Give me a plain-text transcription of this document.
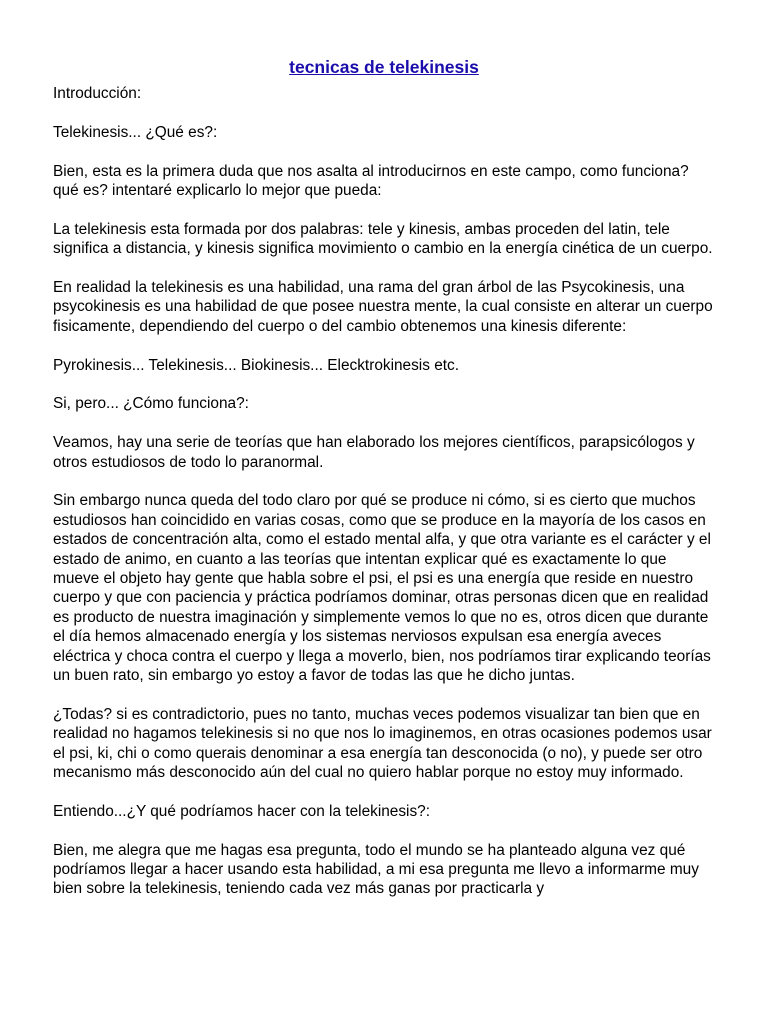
tecnicas de telekinesis

Introducción:

Telekinesis... ¿Qué es?:

Bien, esta es la primera duda que nos asalta al introducirnos en este campo, como funciona? qué es? intentaré explicarlo lo mejor que pueda:

La telekinesis esta formada por dos palabras: tele y kinesis, ambas proceden del latin, tele significa a distancia, y kinesis significa movimiento o cambio en la energía cinética de un cuerpo.

En realidad la telekinesis es una habilidad, una rama del gran árbol de las Psycokinesis, una psycokinesis es una habilidad de que posee nuestra mente, la cual consiste en alterar un cuerpo fisicamente, dependiendo del cuerpo o del cambio obtenemos una kinesis diferente:

Pyrokinesis... Telekinesis... Biokinesis... Elecktrokinesis etc.

Si, pero... ¿Cómo funciona?:

Veamos, hay una serie de teorías que han elaborado los mejores científicos, parapsicólogos y otros estudiosos de todo lo paranormal.

Sin embargo nunca queda del todo claro por qué se produce ni cómo, si es cierto que muchos estudiosos han coincidido en varias cosas, como que se produce en la mayoría de los casos en estados de concentración alta, como el estado mental alfa, y que otra variante es el carácter y el estado de animo, en cuanto a las teorías que intentan explicar qué es exactamente lo que mueve el objeto hay gente que habla sobre el psi, el psi es una energía que reside en nuestro cuerpo y que con paciencia y práctica podríamos dominar, otras personas dicen que en realidad es producto de nuestra imaginación y simplemente vemos lo que no es, otros dicen que durante el día hemos almacenado energía y los sistemas nerviosos expulsan esa energía aveces eléctrica y choca contra el cuerpo y llega a moverlo, bien, nos podríamos tirar explicando teorías un buen rato, sin embargo yo estoy a favor de todas las que he dicho juntas.

¿Todas? si es contradictorio, pues no tanto, muchas veces podemos visualizar tan bien que en realidad no hagamos telekinesis si no que nos lo imaginemos, en otras ocasiones podemos usar el psi, ki, chi o como querais denominar a esa energía tan desconocida (o no), y puede ser otro mecanismo más desconocido aún del cual no quiero hablar porque no estoy muy informado.

Entiendo...¿Y qué podríamos hacer con la telekinesis?:

Bien, me alegra que me hagas esa pregunta, todo el mundo se ha planteado alguna vez qué podríamos llegar a hacer usando esta habilidad, a mi esa pregunta me llevo a informarme muy bien sobre la telekinesis, teniendo cada vez más ganas por practicarla y
